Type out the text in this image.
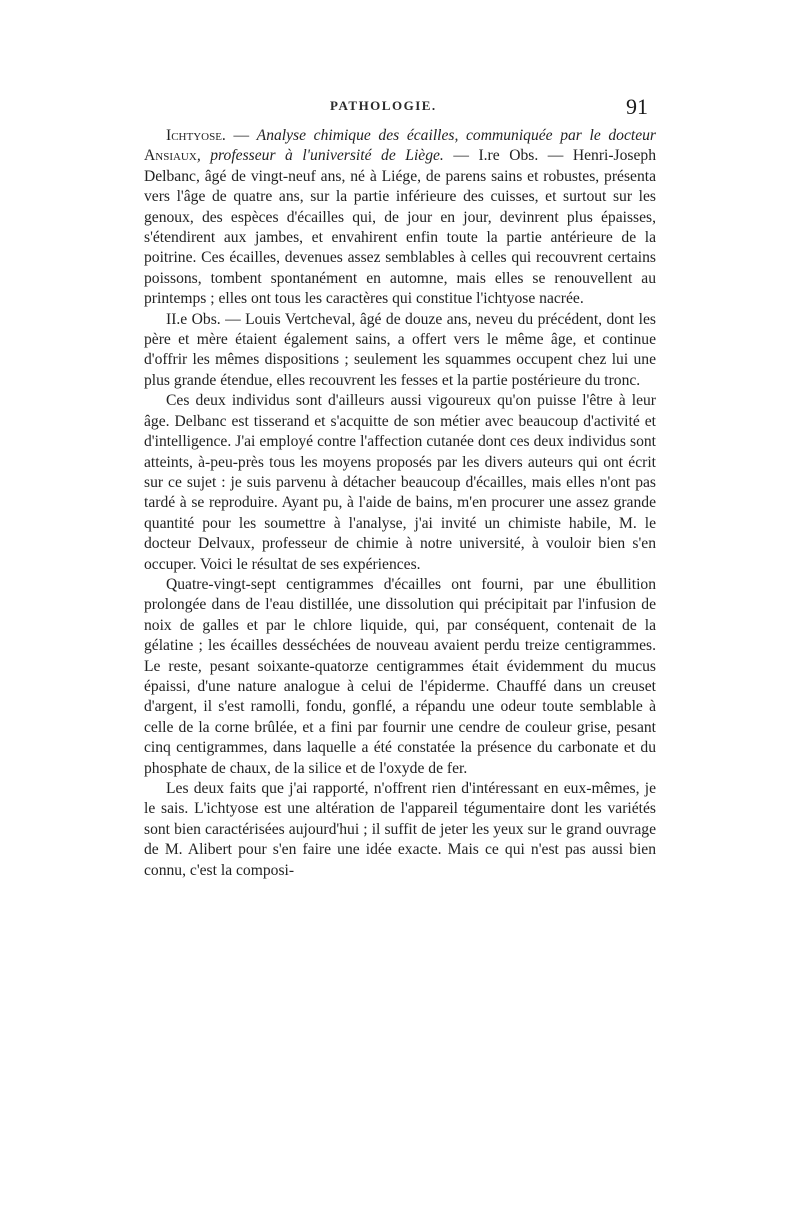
PATHOLOGIE.	91

Ichtyose. — Analyse chimique des écailles, communiquée par le docteur Ansiaux, professeur à l'université de Liège. — I.re Obs. — Henri-Joseph Delbanc, âgé de vingt-neuf ans, né à Liége, de parens sains et robustes, présenta vers l'âge de quatre ans, sur la partie inférieure des cuisses, et surtout sur les genoux, des espèces d'écailles qui, de jour en jour, devinrent plus épaisses, s'étendirent aux jambes, et envahirent enfin toute la partie antérieure de la poitrine. Ces écailles, devenues assez semblables à celles qui recouvrent certains poissons, tombent spontanément en automne, mais elles se renouvellent au printemps ; elles ont tous les caractères qui constitue l'ichtyose nacrée.

II.e Obs. — Louis Vertcheval, âgé de douze ans, neveu du précédent, dont les père et mère étaient également sains, a offert vers le même âge, et continue d'offrir les mêmes dispositions ; seulement les squammes occupent chez lui une plus grande étendue, elles recouvrent les fesses et la partie postérieure du tronc.

Ces deux individus sont d'ailleurs aussi vigoureux qu'on puisse l'être à leur âge. Delbanc est tisserand et s'acquitte de son métier avec beaucoup d'activité et d'intelligence. J'ai employé contre l'affection cutanée dont ces deux individus sont atteints, à-peu-près tous les moyens proposés par les divers auteurs qui ont écrit sur ce sujet : je suis parvenu à détacher beaucoup d'écailles, mais elles n'ont pas tardé à se reproduire. Ayant pu, à l'aide de bains, m'en procurer une assez grande quantité pour les soumettre à l'analyse, j'ai invité un chimiste habile, M. le docteur Delvaux, professeur de chimie à notre université, à vouloir bien s'en occuper. Voici le résultat de ses expériences.

Quatre-vingt-sept centigrammes d'écailles ont fourni, par une ébullition prolongée dans de l'eau distillée, une dissolution qui précipitait par l'infusion de noix de galles et par le chlore liquide, qui, par conséquent, contenait de la gélatine ; les écailles desséchées de nouveau avaient perdu treize centigrammes. Le reste, pesant soixante-quatorze centigrammes était évidemment du mucus épaissi, d'une nature analogue à celui de l'épiderme. Chauffé dans un creuset d'argent, il s'est ramolli, fondu, gonflé, a répandu une odeur toute semblable à celle de la corne brûlée, et a fini par fournir une cendre de couleur grise, pesant cinq centigrammes, dans laquelle a été constatée la présence du carbonate et du phosphate de chaux, de la silice et de l'oxyde de fer.

Les deux faits que j'ai rapporté, n'offrent rien d'intéressant en eux-mêmes, je le sais. L'ichtyose est une altération de l'appareil tégumentaire dont les variétés sont bien caractérisées aujourd'hui ; il suffit de jeter les yeux sur le grand ouvrage de M. Alibert pour s'en faire une idée exacte. Mais ce qui n'est pas aussi bien connu, c'est la composi-
